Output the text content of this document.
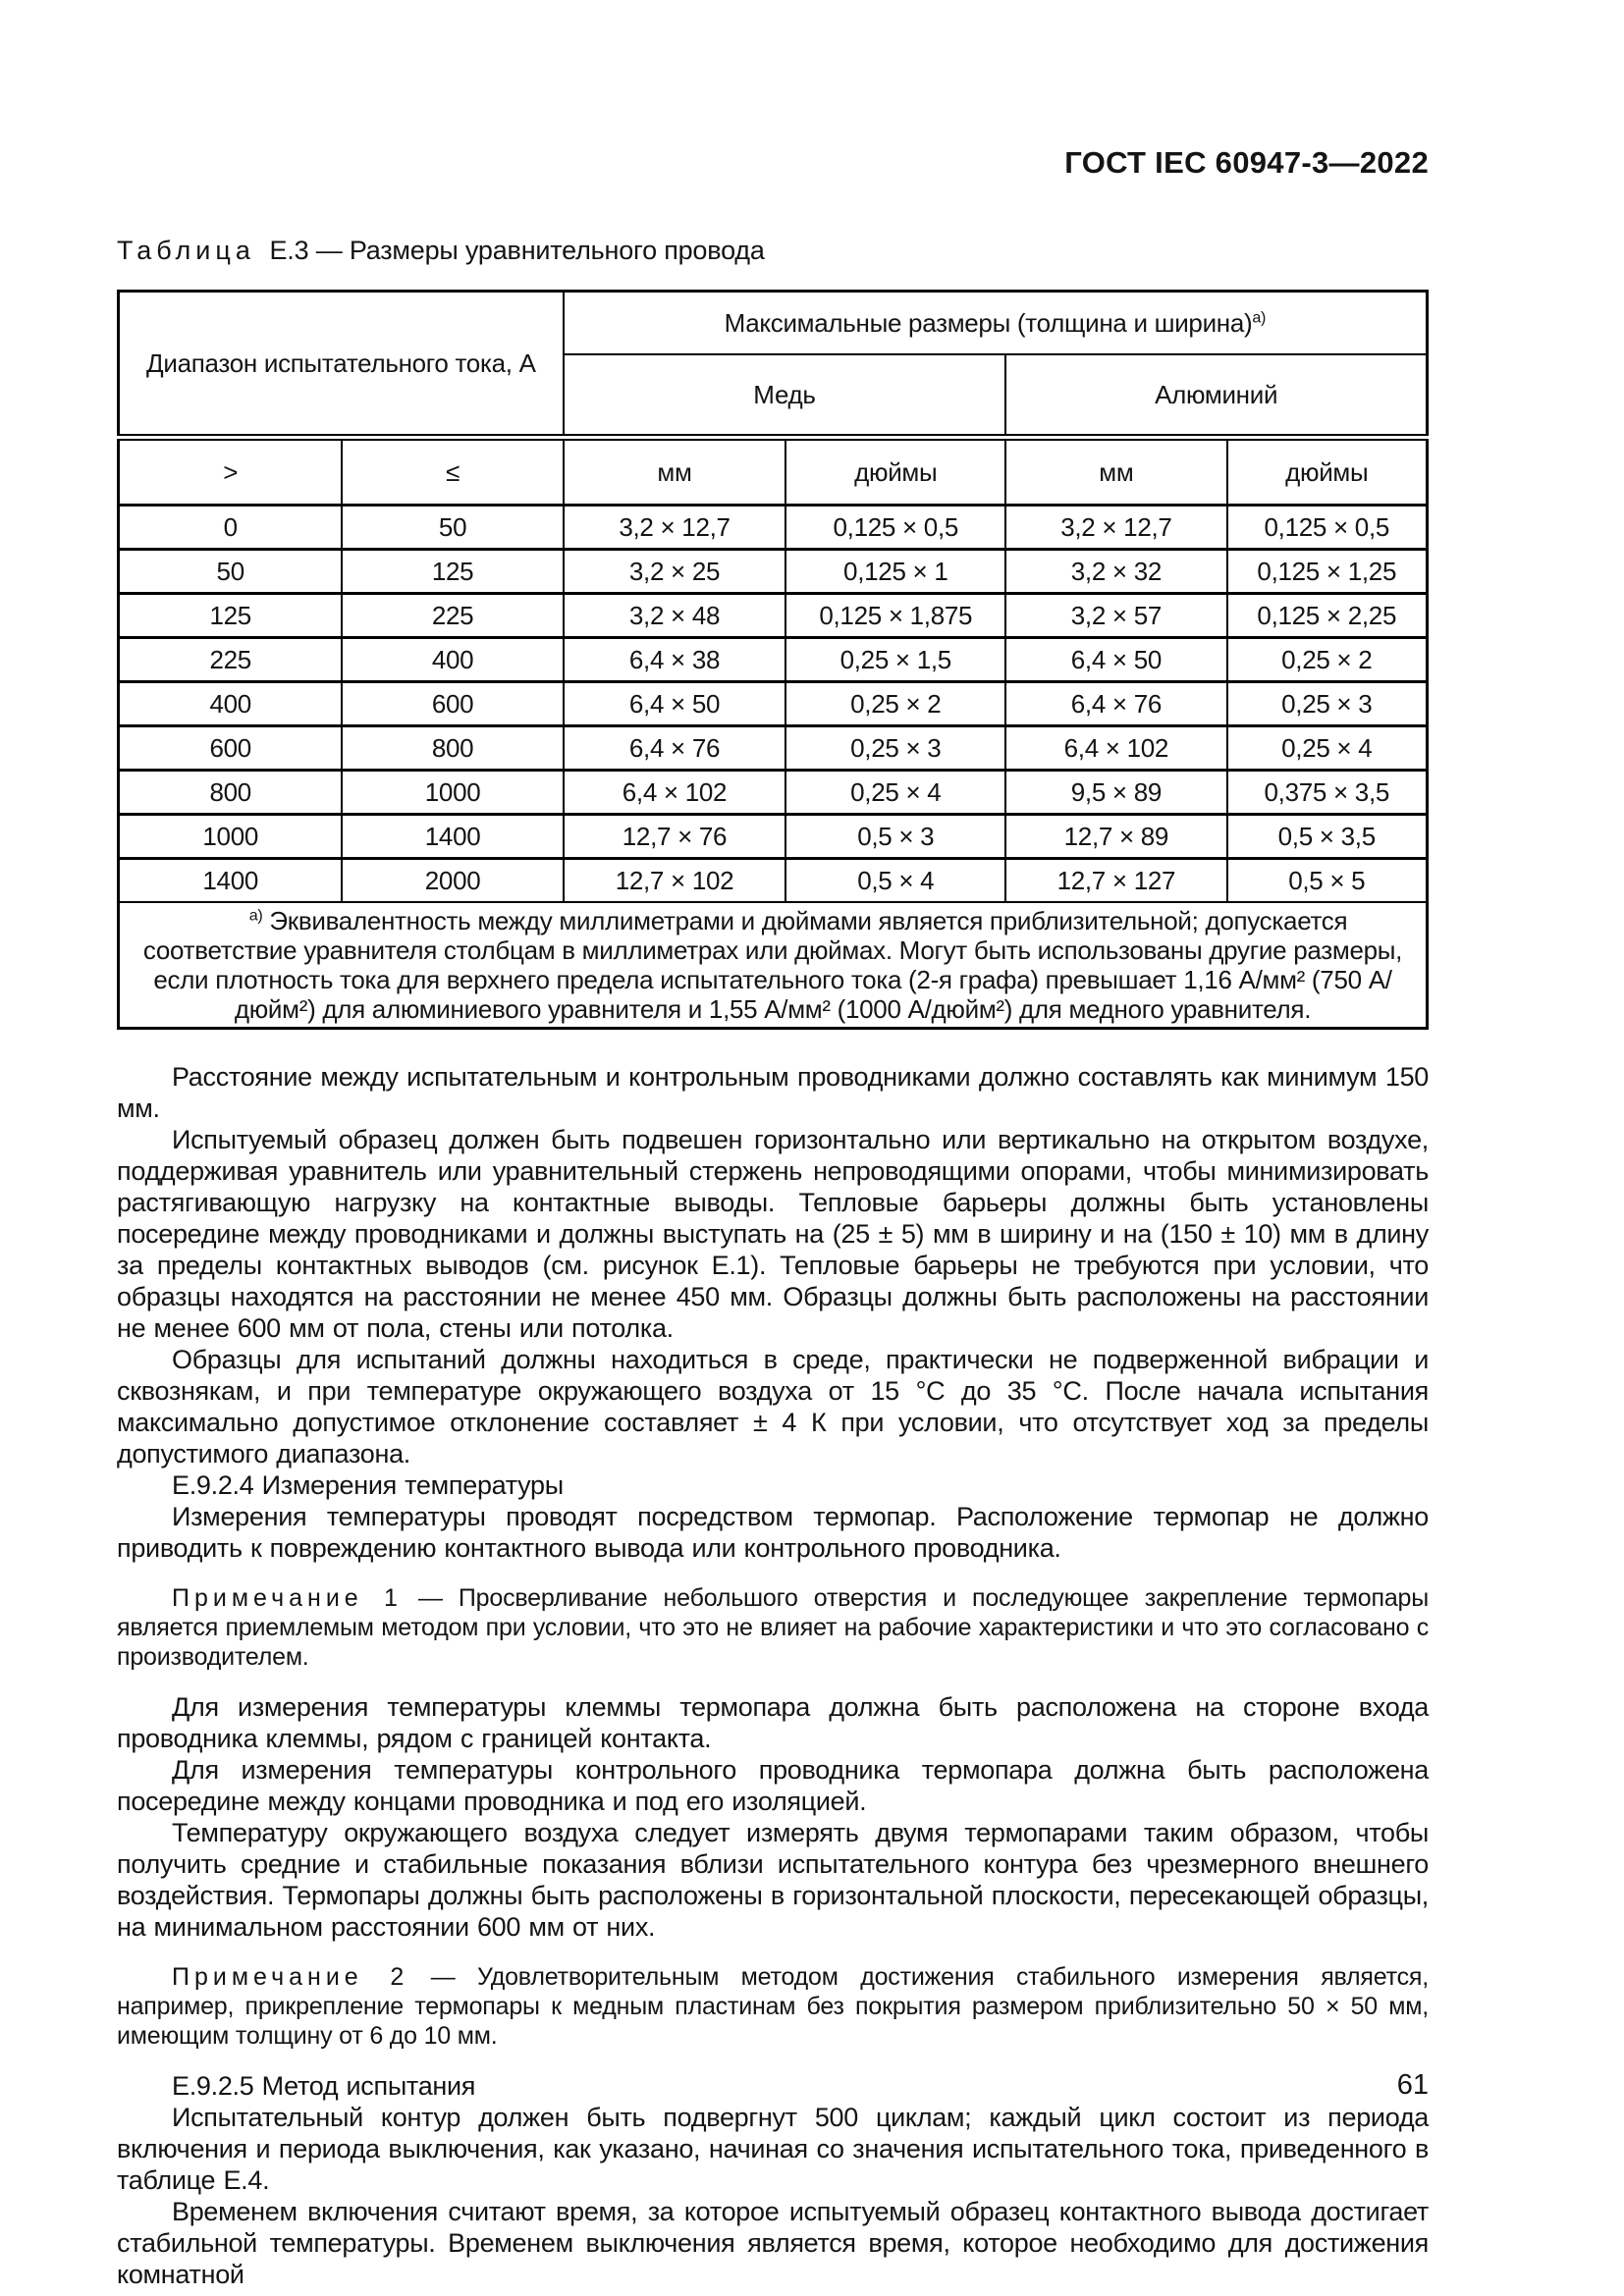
ГОСТ IEC 60947-3—2022
Таблица Е.3 — Размеры уравнительного провода
Диапазон испытательного тока, А		Максимальные размеры (толщина и ширина)$^{а)}$
		Медь		Алюминий	
>	≤	мм	дюймы	мм	дюймы
0	50	3,2 × 12,7	0,125 × 0,5	3,2 × 12,7	0,125 × 0,5
50	125	3,2 × 25	0,125 × 1	3,2 × 32	0,125 × 1,25
125	225	3,2 × 48	0,125 × 1,875	3,2 × 57	0,125 × 2,25
225	400	6,4 × 38	0,25 × 1,5	6,4 × 50	0,25 × 2
400	600	6,4 × 50	0,25 × 2	6,4 × 76	0,25 × 3
600	800	6,4 × 76	0,25 × 3	6,4 × 102	0,25 × 4
800	1000	6,4 × 102	0,25 × 4	9,5 × 89	0,375 × 3,5
1000	1400	12,7 × 76	0,5 × 3	12,7 × 89	0,5 × 3,5
1400	2000	12,7 × 102	0,5 × 4	12,7 × 127	0,5 × 5

$^{а)}$ Эквивалентность между миллиметрами и дюймами является приблизительной; допускается соответствие уравнителя столбцам в миллиметрах или дюймах. Могут быть использованы другие размеры, если плотность тока для верхнего предела испытательного тока (2-я графа) превышает 1,16 А/мм² (750 А/дюйм²) для алюминиевого уравнителя и 1,55 А/мм² (1000 А/дюйм²) для медного уравнителя.					

Расстояние между испытательным и контрольным проводниками должно составлять как минимум 150 мм.

Испытуемый образец должен быть подвешен горизонтально или вертикально на открытом воздухе, поддерживая уравнитель или уравнительный стержень непроводящими опорами, чтобы минимизировать растягивающую нагрузку на контактные выводы. Тепловые барьеры должны быть установлены посередине между проводниками и должны выступать на (25 ± 5) мм в ширину и на (150 ± 10) мм в длину за пределы контактных выводов (см. рисунок Е.1). Тепловые барьеры не требуются при условии, что образцы находятся на расстоянии не менее 450 мм. Образцы должны быть расположены на расстоянии не менее 600 мм от пола, стены или потолка.

Образцы для испытаний должны находиться в среде, практически не подверженной вибрации и сквознякам, и при температуре окружающего воздуха от 15 °С до 35 °С. После начала испытания максимально допустимое отклонение составляет ± 4 К при условии, что отсутствует ход за пределы допустимого диапазона.

Е.9.2.4 Измерения температуры

Измерения температуры проводят посредством термопар. Расположение термопар не должно приводить к повреждению контактного вывода или контрольного проводника.

Примечание 1 — Просверливание небольшого отверстия и последующее закрепление термопары является приемлемым методом при условии, что это не влияет на рабочие характеристики и что это согласовано с производителем.

Для измерения температуры клеммы термопара должна быть расположена на стороне входа проводника клеммы, рядом с границей контакта.

Для измерения температуры контрольного проводника термопара должна быть расположена посередине между концами проводника и под его изоляцией.

Температуру окружающего воздуха следует измерять двумя термопарами таким образом, чтобы получить средние и стабильные показания вблизи испытательного контура без чрезмерного внешнего воздействия. Термопары должны быть расположены в горизонтальной плоскости, пересекающей образцы, на минимальном расстоянии 600 мм от них.

Примечание 2 — Удовлетворительным методом достижения стабильного измерения является, например, прикрепление термопары к медным пластинам без покрытия размером приблизительно 50 × 50 мм, имеющим толщину от 6 до 10 мм.

Е.9.2.5 Метод испытания

Испытательный контур должен быть подвергнут 500 циклам; каждый цикл состоит из периода включения и периода выключения, как указано, начиная со значения испытательного тока, приведенного в таблице Е.4.

Временем включения считают время, за которое испытуемый образец контактного вывода достигает стабильной температуры. Временем выключения является время, которое необходимо для достижения комнатной

61
